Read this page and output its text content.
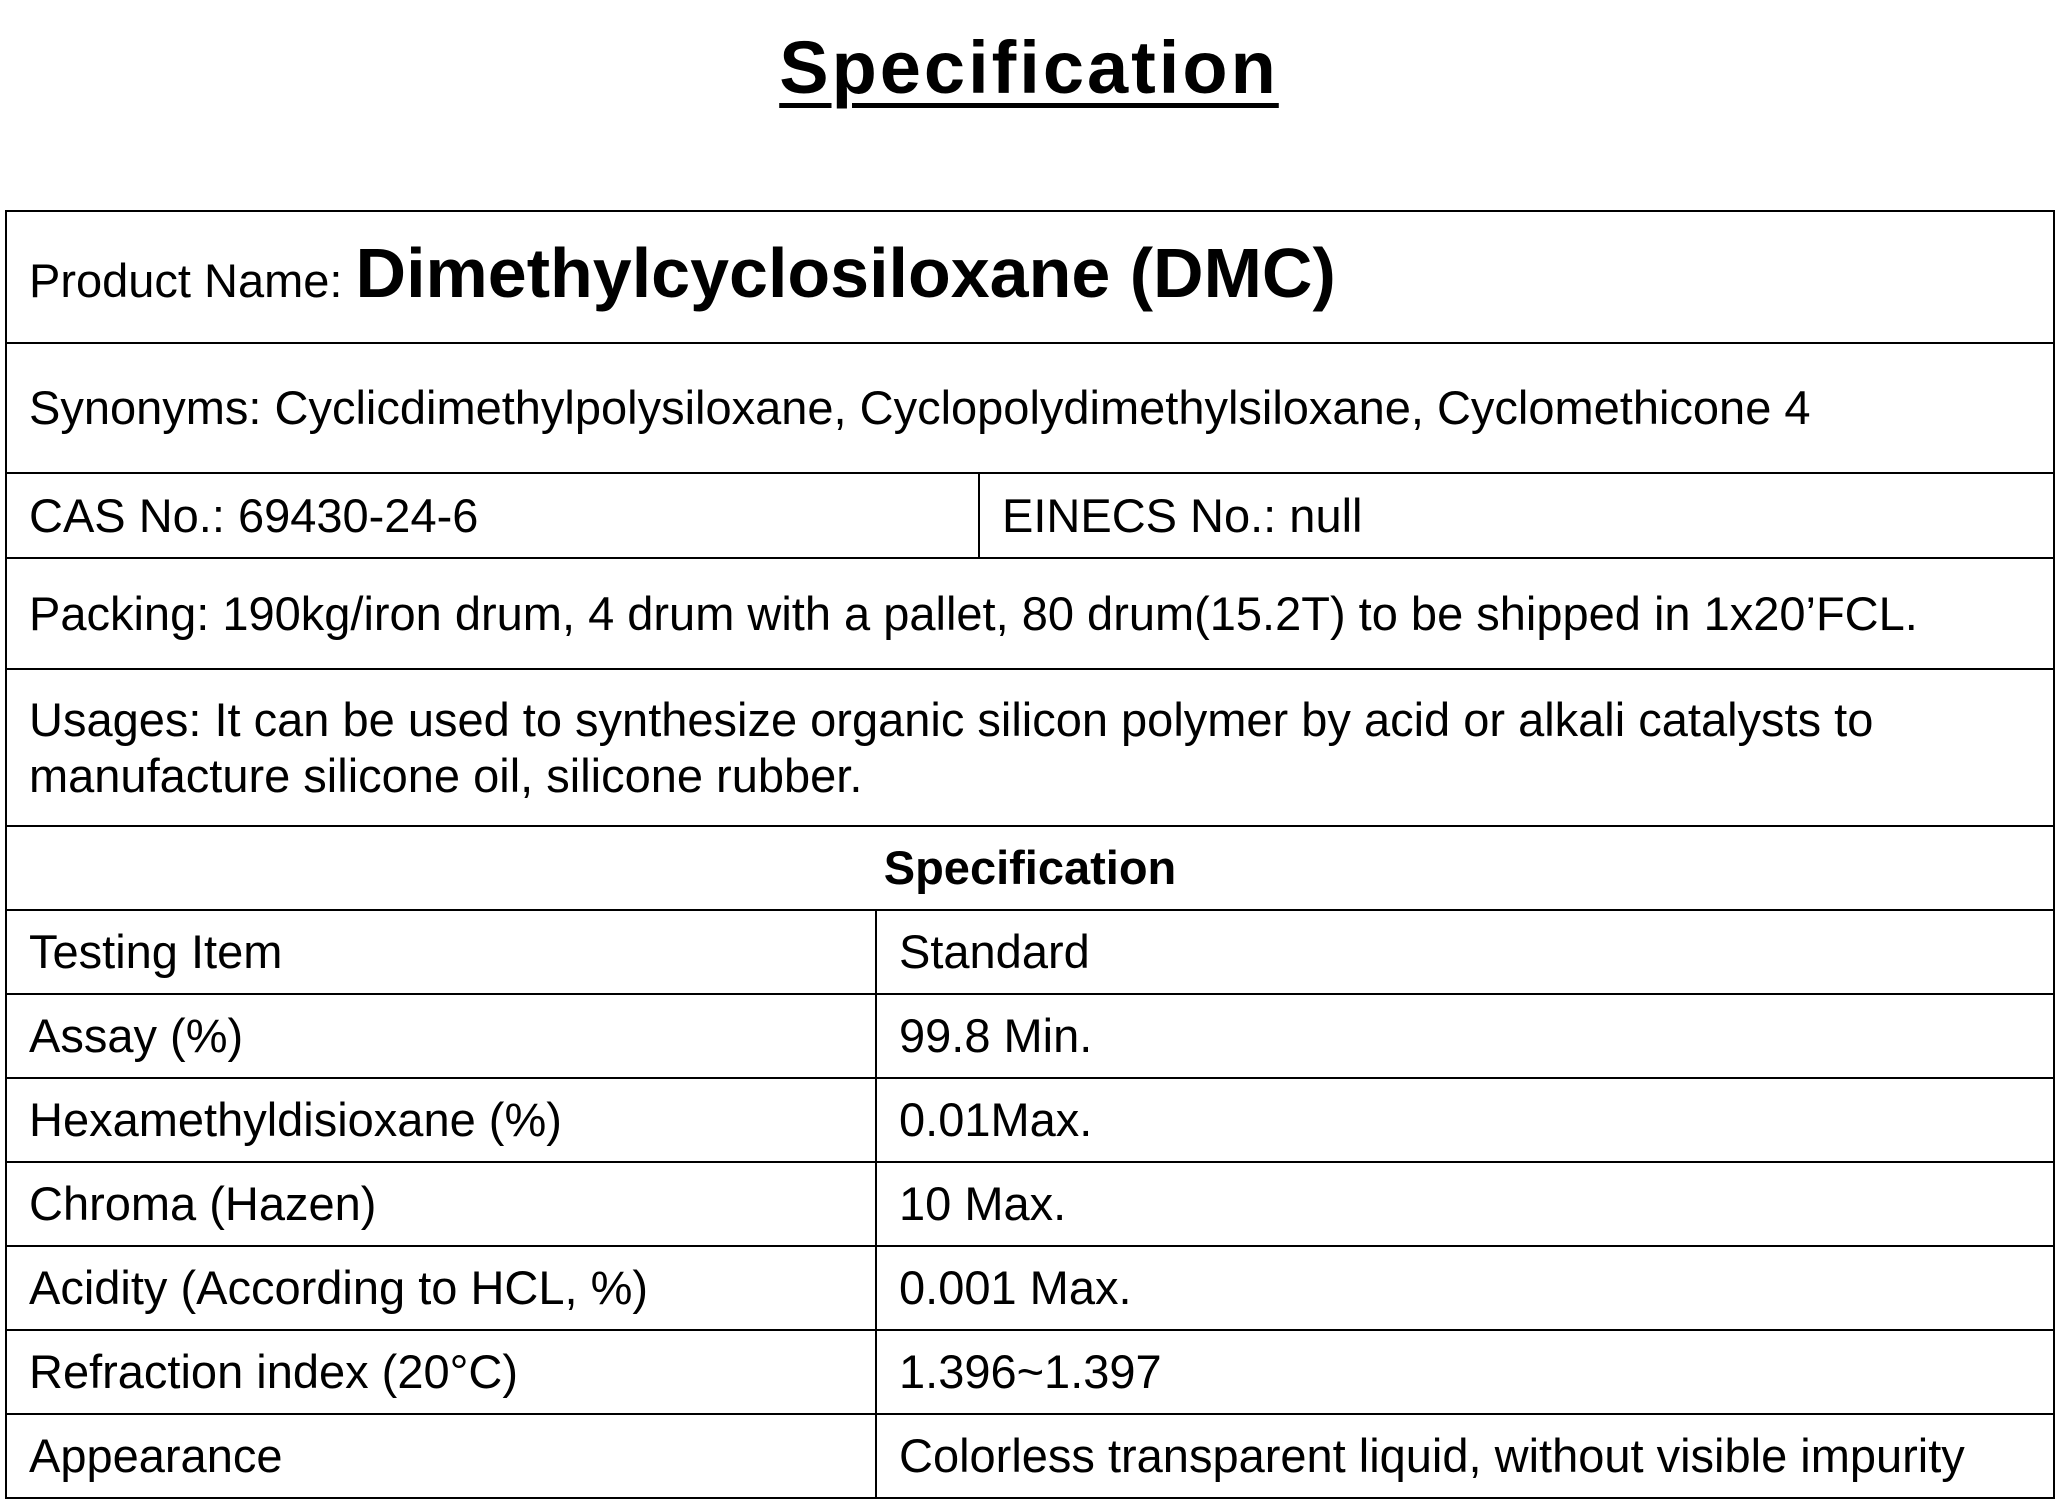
Specification
Product Name: Dimethylcyclosiloxane (DMC)		
Synonyms: Cyclicdimethylpolysiloxane, Cyclopolydimethylsiloxane, Cyclomethicone 4		
CAS No.: 69430-24-6		EINECS No.: null
Packing: 190kg/iron drum, 4 drum with a pallet, 80 drum(15.2T) to be shipped in 1x20’FCL.		
Usages: It can be used to synthesize organic silicon polymer by acid or alkali catalysts to manufacture silicone oil, silicone rubber.		
Specification		
Testing Item	Standard	
Assay (%)	99.8 Min.	
Hexamethyldisioxane (%)	0.01Max.	
Chroma (Hazen)	10 Max.	
Acidity (According to HCL, %)	0.001 Max.	
Refraction index (20°C)	1.396~1.397	
Appearance	Colorless transparent liquid, without visible impurity	
